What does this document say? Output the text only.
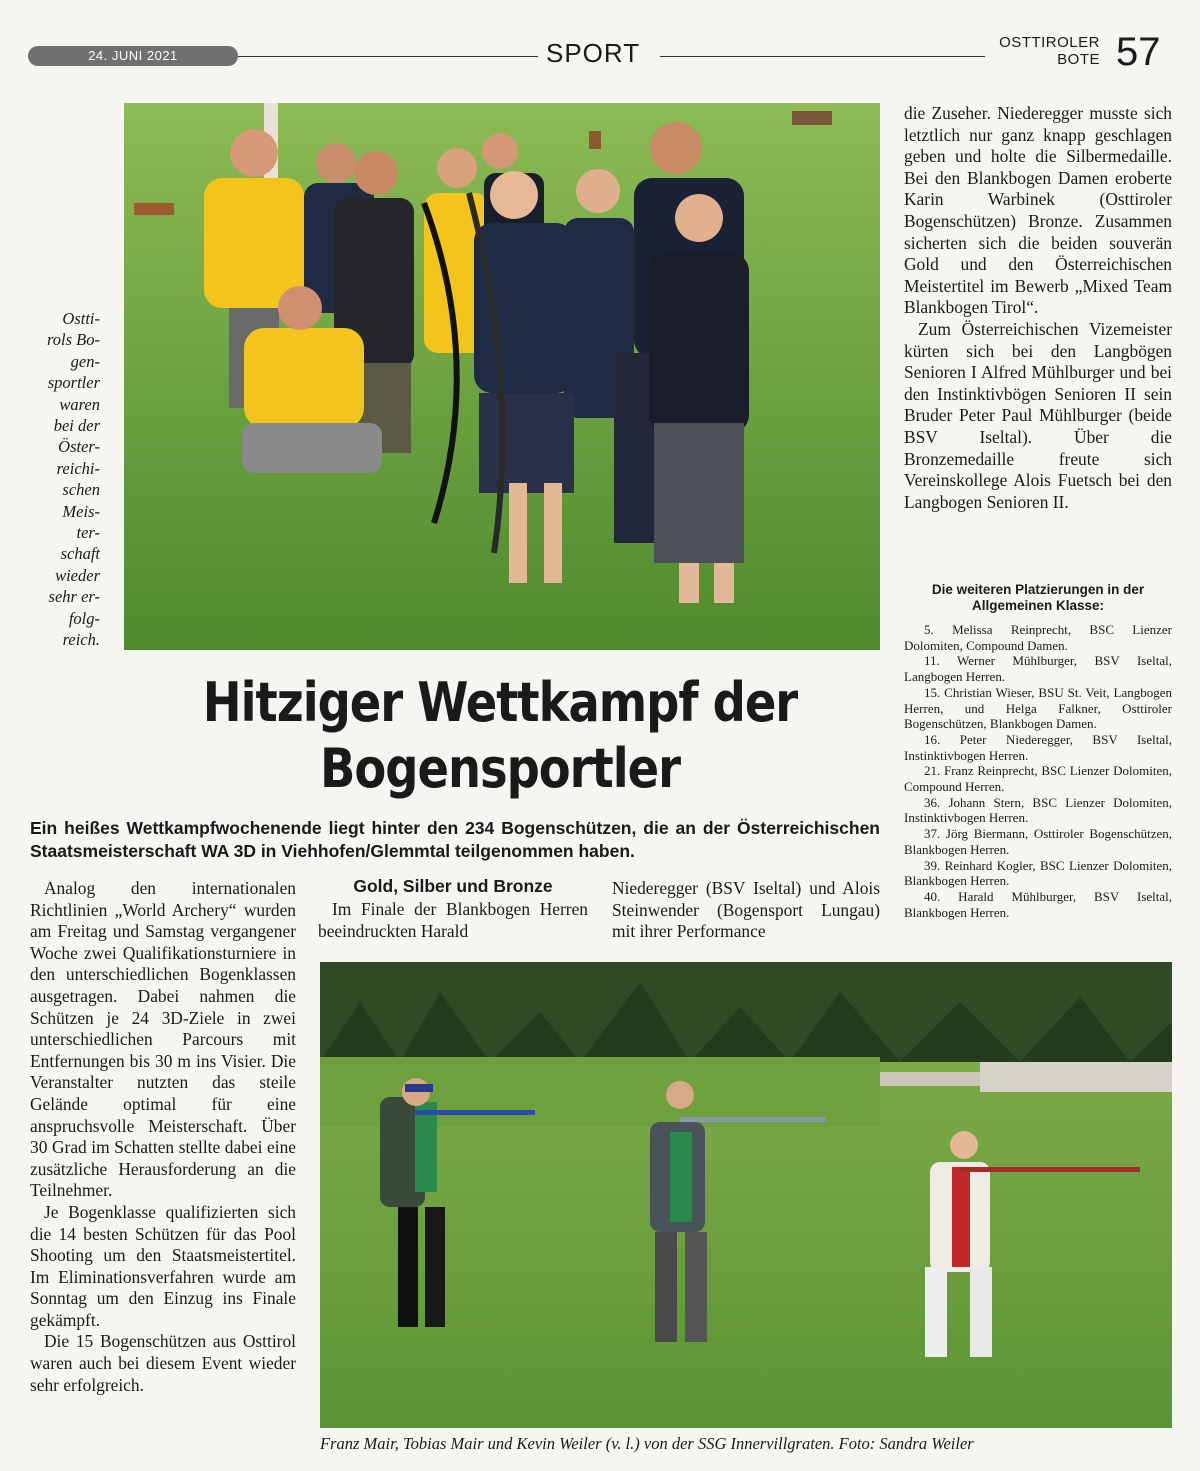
24. JUNI 2021	SPORT	OSTTIROLER
BOTE 57
Ostti-
rols Bo-
gen-
sportler
waren
bei der
Öster-
reichi-
schen
Meis-
ter-
schaft
wieder
sehr er-
folg-
reich.

die Zuseher. Niederegger musste sich letztlich nur ganz knapp geschlagen geben und holte die Silbermedaille. Bei den Blankbogen Damen eroberte Karin Warbinek (Osttiroler Bogenschützen) Bronze. Zusammen sicherten sich die beiden souverän Gold und den Österreichischen Meistertitel im Bewerb „Mixed Team Blankbogen Tirol“.

Zum Österreichischen Vizemeister kürten sich bei den Langbögen Senioren I Alfred Mühlburger und bei den Instinktivbögen Senioren II sein Bruder Peter Paul Mühlburger (beide BSV Iseltal). Über die Bronzemedaille freute sich Vereinskollege Alois Fuetsch bei den Langbogen Senioren II.

Die weiteren Platzierungen in der Allgemeinen Klasse:
5. Melissa Reinprecht, BSC Lienzer Dolomiten, Compound Damen.
11. Werner Mühlburger, BSV Iseltal, Langbogen Herren.
15. Christian Wieser, BSU St. Veit, Langbogen Herren, und Helga Falkner, Osttiroler Bogenschützen, Blankbogen Damen.
16. Peter Niederegger, BSV Iseltal, Instinktivbogen Herren.
21. Franz Reinprecht, BSC Lienzer Dolomiten, Compound Herren.
36. Johann Stern, BSC Lienzer Dolomiten, Instinktivbogen Herren.
37. Jörg Biermann, Osttiroler Bogenschützen, Blankbogen Herren.
39. Reinhard Kogler, BSC Lienzer Dolomiten, Blankbogen Herren.
40. Harald Mühlburger, BSV Iseltal, Blankbogen Herren.
Hitziger Wettkampf der
Bogensportler
Ein heißes Wettkampfwochenende liegt hinter den 234 Bogenschützen, die an der Österreichischen Staatsmeisterschaft WA 3D in Viehhofen/Glemmtal teilgenommen haben.

Analog den internationalen Richtlinien „World Archery“ wurden am Freitag und Samstag vergangener Woche zwei Qualifikationsturniere in den unterschiedlichen Bogenklassen ausgetragen. Dabei nahmen die Schützen je 24 3D-Ziele in zwei unterschiedlichen Parcours mit Entfernungen bis 30 m ins Visier. Die Veranstalter nutzten das steile Gelände optimal für eine anspruchsvolle Meisterschaft. Über 30 Grad im Schatten stellte dabei eine zusätzliche Herausforderung an die Teilnehmer.

Je Bogenklasse qualifizierten sich die 14 besten Schützen für das Pool Shooting um den Staatsmeistertitel. Im Eliminationsverfahren wurde am Sonntag um den Einzug ins Finale gekämpft.

Die 15 Bogenschützen aus Osttirol waren auch bei diesem Event wieder sehr erfolgreich.

Gold, Silber und Bronze

Im Finale der Blankbogen Herren beeindruckten Harald

Niederegger (BSV Iseltal) und Alois Steinwender (Bogensport Lungau) mit ihrer Performance

Franz Mair, Tobias Mair und Kevin Weiler (v. l.) von der SSG Innervillgraten. Foto: Sandra Weiler
